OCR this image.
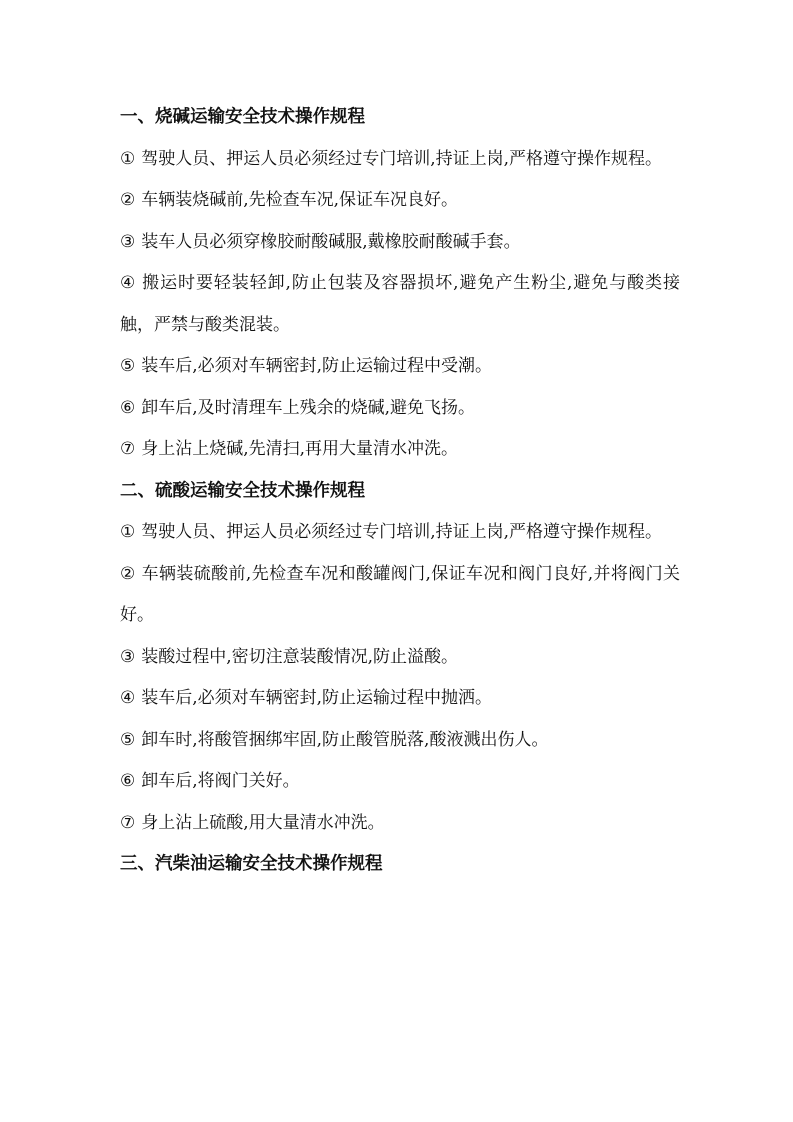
一、烧碱运输安全技术操作规程

① 驾驶人员、押运人员必须经过专门培训,持证上岗,严格遵守操作规程。

② 车辆装烧碱前,先检查车况,保证车况良好。

③ 装车人员必须穿橡胶耐酸碱服,戴橡胶耐酸碱手套。

④ 搬运时要轻装轻卸,防止包装及容器损坏,避免产生粉尘,避免与酸类接触，严禁与酸类混装。

⑤ 装车后,必须对车辆密封,防止运输过程中受潮。

⑥ 卸车后,及时清理车上残余的烧碱,避免飞扬。

⑦ 身上沾上烧碱,先清扫,再用大量清水冲洗。

二、硫酸运输安全技术操作规程

① 驾驶人员、押运人员必须经过专门培训,持证上岗,严格遵守操作规程。

② 车辆装硫酸前,先检查车况和酸罐阀门,保证车况和阀门良好,并将阀门关好。

③ 装酸过程中,密切注意装酸情况,防止溢酸。

④ 装车后,必须对车辆密封,防止运输过程中抛洒。

⑤ 卸车时,将酸管捆绑牢固,防止酸管脱落,酸液溅出伤人。

⑥ 卸车后,将阀门关好。

⑦ 身上沾上硫酸,用大量清水冲洗。

三、汽柴油运输安全技术操作规程
